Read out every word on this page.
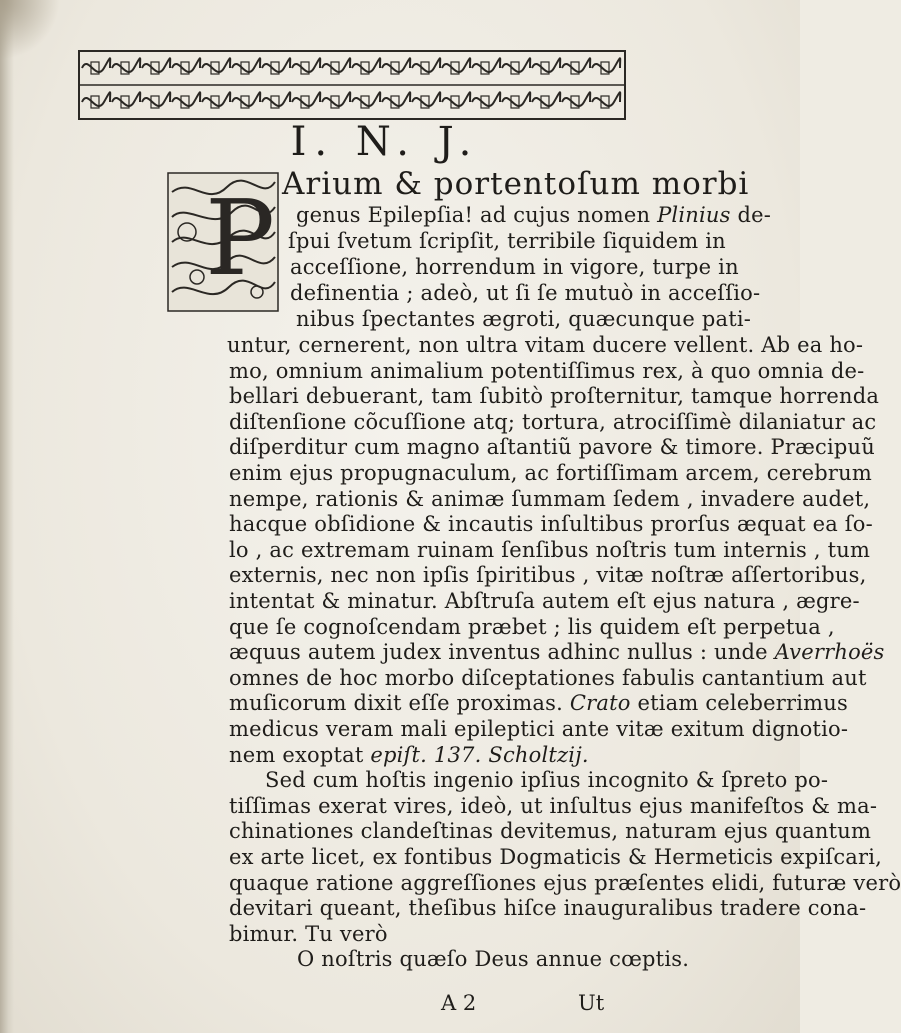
I. N. J.
P Arium & portentoſum morbi
genus Epilepſia! ad cujus nomen Plinius de-
ſpui ſvetum ſcripſit, terribile ſiquidem in
acceſſione, horrendum in vigore, turpe in
definentia ; adeò, ut ſi ſe mutuò in acceſſio-
nibus ſpectantes ægroti, quæcunque pati-
untur, cernerent, non ultra vitam ducere vellent. Ab ea ho-
mo, omnium animalium potentiſſimus rex, à quo omnia de-
bellari debuerant, tam ſubitò proſternitur, tamque horrenda
diſtenſione cõcuſſione atq; tortura, atrociſſimè dilaniatur ac
diſperditur cum magno aſtantiũ pavore & timore. Præcipuũ
enim ejus propugnaculum, ac fortiſſimam arcem, cerebrum
nempe, rationis & animæ ſummam ſedem , invadere audet,
hacque obſidione & incautis inſultibus prorſus æquat ea ſo-
lo , ac extremam ruinam ſenſibus noſtris tum internis , tum
externis, nec non ipſis ſpiritibus , vitæ noſtræ aſſertoribus,
intentat & minatur. Abſtruſa autem eſt ejus natura , ægre-
que ſe cognoſcendam præbet ; lis quidem eſt perpetua ,
æquus autem judex inventus adhinc nullus : unde Averrhoës
omnes de hoc morbo diſceptationes fabulis cantantium aut
muſicorum dixit eſſe proximas. Crato etiam celeberrimus
medicus veram mali epileptici ante vitæ exitum dignotio-
nem exoptat epiſt. 137. Scholtzij.
Sed cum hoſtis ingenio ipſius incognito & ſpreto po-
tiſſimas exerat vires, ideò, ut inſultus ejus manifeſtos & ma-
chinationes clandeſtinas devitemus, naturam ejus quantum
ex arte licet, ex fontibus Dogmaticis & Hermeticis expiſcari,
quaque ratione aggreſſiones ejus præſentes elidi, futuræ verò
devitari queant, theſibus hiſce inauguralibus tradere cona-
bimur. Tu verò
O noſtris quæſo Deus annue cœptis.
A 2	Ut
